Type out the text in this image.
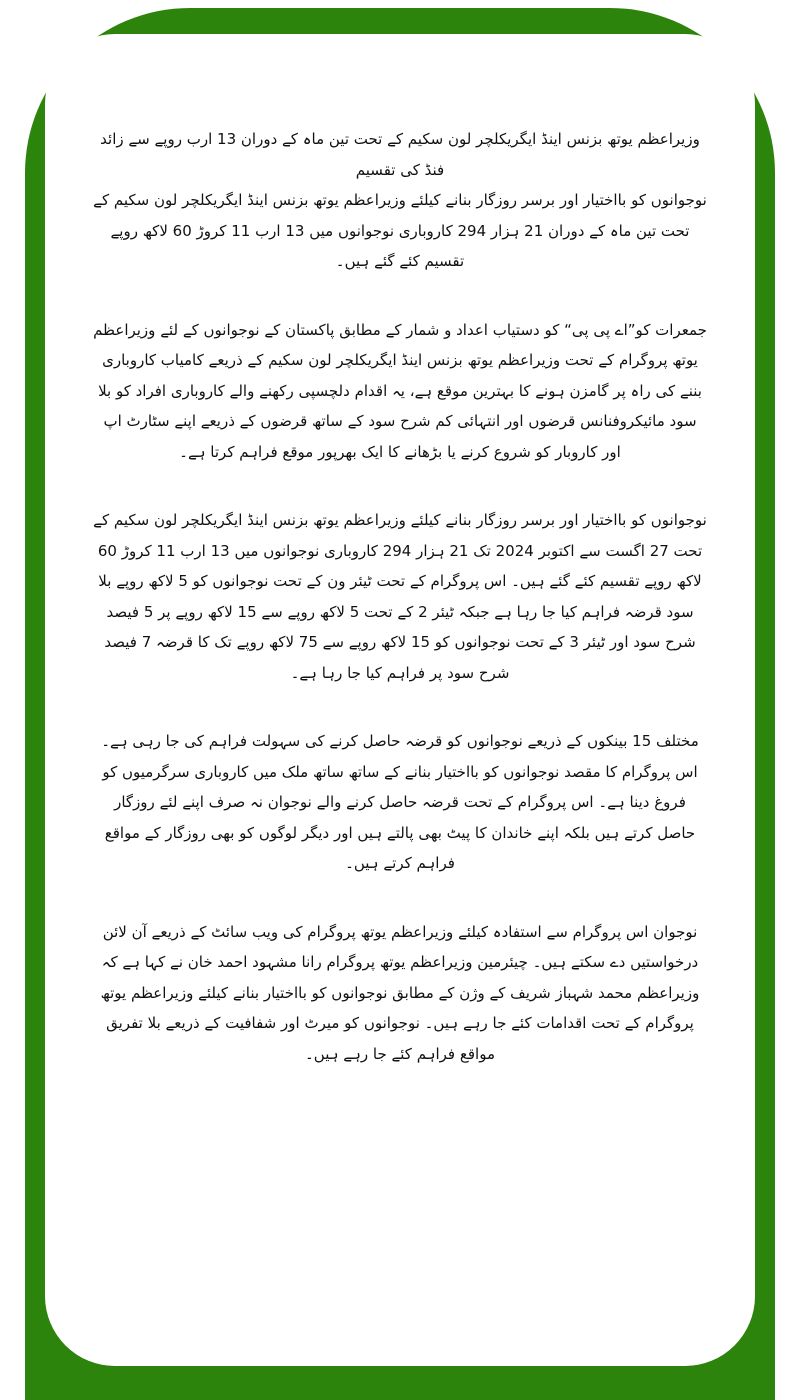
وزیراعظم یوتھ بزنس اینڈ ایگریکلچر لون سکیم کے تحت تین ماہ کے دوران 13 ارب روپے سے زائد فنڈ کی تقسیم
نوجوانوں کو بااختیار اور برسر روزگار بنانے کیلئے وزیراعظم یوتھ بزنس اینڈ ایگریکلچر لون سکیم کے تحت تین ماہ کے دوران 21 ہزار 294 کاروباری نوجوانوں میں 13 ارب 11 کروڑ 60 لاکھ روپے تقسیم کئے گئے ہیں۔

جمعرات کو”اے پی پی“ کو دستیاب اعداد و شمار کے مطابق پاکستان کے نوجوانوں کے لئے وزیراعظم یوتھ پروگرام کے تحت وزیراعظم یوتھ بزنس اینڈ ایگریکلچر لون سکیم کے ذریعے کامیاب کاروباری بننے کی راہ پر گامزن ہونے کا بہترین موقع ہے، یہ اقدام دلچسپی رکھنے والے کاروباری افراد کو بلا سود مائیکروفنانس قرضوں اور انتہائی کم شرح سود کے ساتھ قرضوں کے ذریعے اپنے سٹارٹ اپ اور کاروبار کو شروع کرنے یا بڑھانے کا ایک بھرپور موقع فراہم کرتا ہے۔

نوجوانوں کو بااختیار اور برسر روزگار بنانے کیلئے وزیراعظم یوتھ بزنس اینڈ ایگریکلچر لون سکیم کے تحت 27 اگست سے اکتوبر 2024 تک 21 ہزار 294 کاروباری نوجوانوں میں 13 ارب 11 کروڑ 60 لاکھ روپے تقسیم کئے گئے ہیں۔ اس پروگرام کے تحت ٹیئر ون کے تحت نوجوانوں کو 5 لاکھ روپے بلا سود قرضہ فراہم کیا جا رہا ہے جبکہ ٹیئر 2 کے تحت 5 لاکھ روپے سے 15 لاکھ روپے پر 5 فیصد شرح سود اور ٹیئر 3 کے تحت نوجوانوں کو 15 لاکھ روپے سے 75 لاکھ روپے تک کا قرضہ 7 فیصد شرح سود پر فراہم کیا جا رہا ہے۔

مختلف 15 بینکوں کے ذریعے نوجوانوں کو قرضہ حاصل کرنے کی سہولت فراہم کی جا رہی ہے۔ اس پروگرام کا مقصد نوجوانوں کو بااختیار بنانے کے ساتھ ساتھ ملک میں کاروباری سرگرمیوں کو فروغ دینا ہے۔ اس پروگرام کے تحت قرضہ حاصل کرنے والے نوجوان نہ صرف اپنے لئے روزگار حاصل کرتے ہیں بلکہ اپنے خاندان کا پیٹ بھی پالتے ہیں اور دیگر لوگوں کو بھی روزگار کے مواقع فراہم کرتے ہیں۔

نوجوان اس پروگرام سے استفادہ کیلئے وزیراعظم یوتھ پروگرام کی ویب سائٹ کے ذریعے آن لائن درخواستیں دے سکتے ہیں۔ چیئرمین وزیراعظم یوتھ پروگرام رانا مشہود احمد خان نے کہا ہے کہ وزیراعظم محمد شہباز شریف کے وژن کے مطابق نوجوانوں کو بااختیار بنانے کیلئے وزیراعظم یوتھ پروگرام کے تحت اقدامات کئے جا رہے ہیں۔ نوجوانوں کو میرٹ اور شفافیت کے ذریعے بلا تفریق مواقع فراہم کئے جا رہے ہیں۔
